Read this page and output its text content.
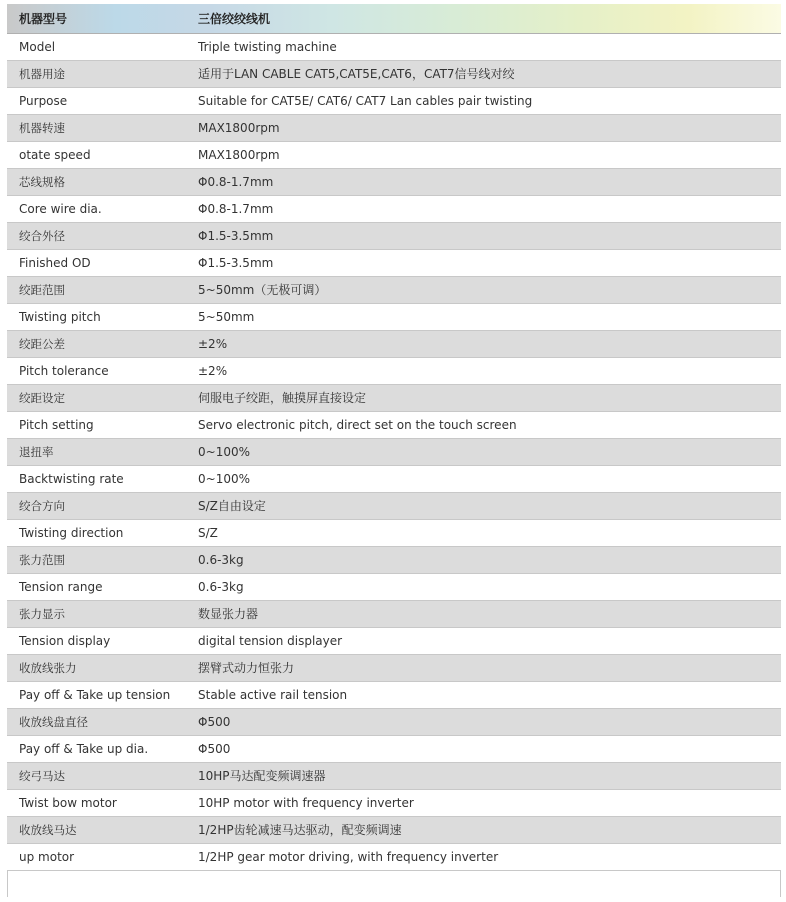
机器型号	三倍绞绞线机
Model	Triple twisting machine
机器用途	适用于LAN CABLE CAT5,CAT5E,CAT6，CAT7信号线对绞
Purpose	Suitable for CAT5E/ CAT6/ CAT7 Lan cables pair twisting
机器转速	MAX1800rpm
otate speed	MAX1800rpm
芯线规格	Φ0.8-1.7mm
Core wire dia.	Φ0.8-1.7mm
绞合外径	Φ1.5-3.5mm
Finished OD	Φ1.5-3.5mm
绞距范围	5~50mm（无极可调）
Twisting pitch	5~50mm
绞距公差	±2%
Pitch tolerance	±2%
绞距设定	伺服电子绞距，触摸屏直接设定
Pitch setting	Servo electronic pitch, direct set on the touch screen
退扭率	0~100%
Backtwisting rate	0~100%
绞合方向	S/Z自由设定
Twisting direction	S/Z
张力范围	0.6-3kg
Tension range	0.6-3kg
张力显示	数显张力器
Tension display	digital tension displayer
收放线张力	摆臂式动力恒张力
Pay off & Take up tension	Stable active rail tension
收放线盘直径	Φ500
Pay off & Take up dia.	Φ500
绞弓马达	10HP马达配变频调速器
Twist bow motor	10HP motor with frequency inverter
收放线马达	1/2HP齿轮减速马达驱动，配变频调速
up motor	1/2HP gear motor driving, with frequency inverter
